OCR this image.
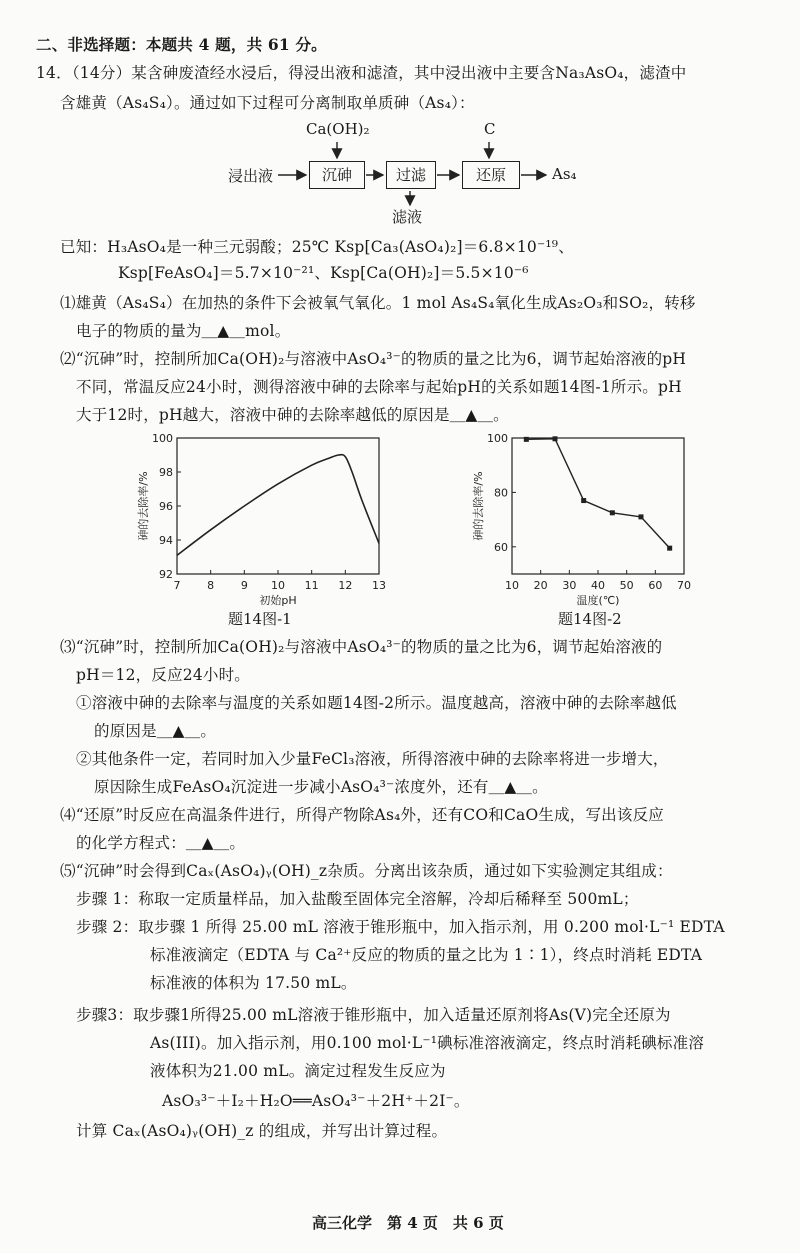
二、非选择题：本题共 4 题，共 61 分。
14．（14分）某含砷废渣经水浸后，得浸出液和滤渣，其中浸出液中主要含Na₃AsO₄，滤渣中
含雄黄（As₄S₄）。通过如下过程可分离制取单质砷（As₄）：
浸出液
Ca(OH)₂
沉砷	过滤
滤液
C
还原	As₄
已知：H₃AsO₄是一种三元弱酸；25℃ Ksp[Ca₃(AsO₄)₂]＝6.8×10⁻¹⁹、
Ksp[FeAsO₄]＝5.7×10⁻²¹、Ksp[Ca(OH)₂]＝5.5×10⁻⁶
⑴雄黄（As₄S₄）在加热的条件下会被氧气氧化。1 mol As₄S₄氧化生成As₂O₃和SO₂，转移
电子的物质的量为＿▲＿mol。
⑵“沉砷”时，控制所加Ca(OH)₂与溶液中AsO₄³⁻的物质的量之比为6，调节起始溶液的pH
不同，常温反应24小时，测得溶液中砷的去除率与起始pH的关系如题14图-1所示。pH
大于12时，pH越大，溶液中砷的去除率越低的原因是＿▲＿。
7 8 9 10 11 12 13
92
94
96
98
100
初始pH
砷的去除率/%
题14图-1
10 20 30 40 50 60 70
60
80
100
温度(℃)
砷的去除率/%
题14图-2
⑶“沉砷”时，控制所加Ca(OH)₂与溶液中AsO₄³⁻的物质的量之比为6，调节起始溶液的
pH＝12，反应24小时。
①溶液中砷的去除率与温度的关系如题14图-2所示。温度越高，溶液中砷的去除率越低
的原因是＿▲＿。
②其他条件一定，若同时加入少量FeCl₃溶液，所得溶液中砷的去除率将进一步增大，
原因除生成FeAsO₄沉淀进一步减小AsO₄³⁻浓度外，还有＿▲＿。
⑷“还原”时反应在高温条件进行，所得产物除As₄外，还有CO和CaO生成，写出该反应
的化学方程式：＿▲＿。
⑸“沉砷”时会得到Caₓ(AsO₄)ᵧ(OH)_z杂质。分离出该杂质，通过如下实验测定其组成：
步骤 1：称取一定质量样品，加入盐酸至固体完全溶解，冷却后稀释至 500mL；
步骤 2：取步骤 1 所得 25.00 mL 溶液于锥形瓶中，加入指示剂，用 0.200 mol·L⁻¹ EDTA
标准液滴定（EDTA 与 Ca²⁺反应的物质的量之比为 1∶1），终点时消耗 EDTA
标准液的体积为 17.50 mL。
步骤3：取步骤1所得25.00 mL溶液于锥形瓶中，加入适量还原剂将As(V)完全还原为
As(III)。加入指示剂，用0.100 mol·L⁻¹碘标准溶液滴定，终点时消耗碘标准溶
液体积为21.00 mL。滴定过程发生反应为
AsO₃³⁻＋I₂＋H₂O══AsO₄³⁻＋2H⁺＋2I⁻。
计算 Caₓ(AsO₄)ᵧ(OH)_z 的组成，并写出计算过程。
高三化学　第 4 页　共 6 页
